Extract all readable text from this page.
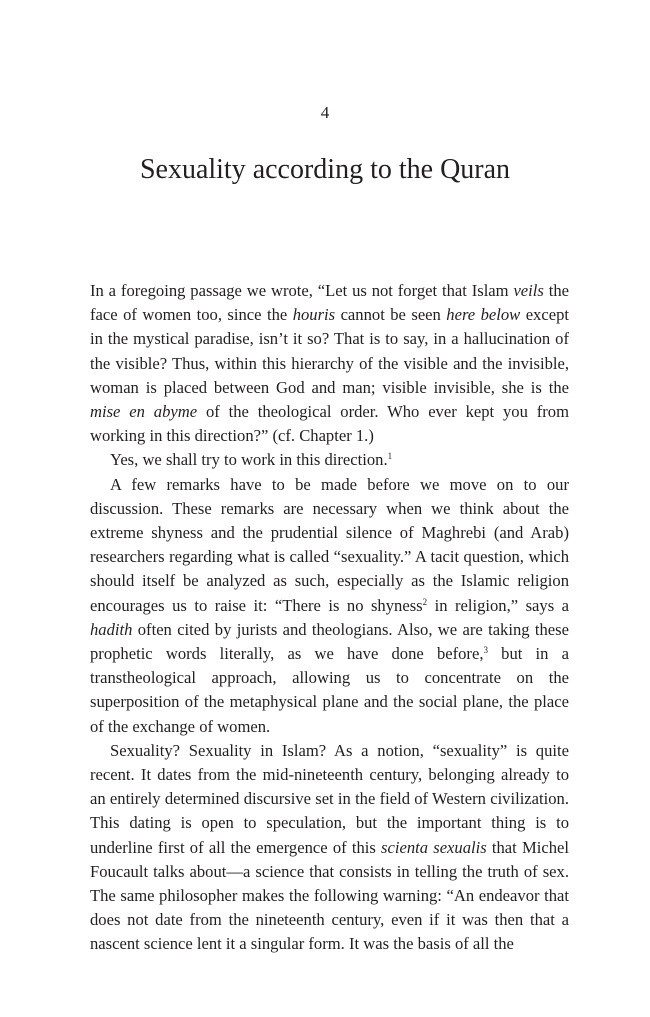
4
Sexuality according to the Quran

In a foregoing passage we wrote, “Let us not forget that Islam veils the face of women too, since the houris cannot be seen here below except in the mystical paradise, isn’t it so? That is to say, in a hallucination of the visible? Thus, within this hierarchy of the visible and the invisible, woman is placed between God and man; visible invisible, she is the mise en abyme of the theological order. Who ever kept you from working in this direction?” (cf. Chapter 1.)

Yes, we shall try to work in this direction.$^1$

A few remarks have to be made before we move on to our discussion. These remarks are necessary when we think about the extreme shyness and the prudential silence of Maghrebi (and Arab) researchers regarding what is called “sexuality.” A tacit question, which should itself be analyzed as such, especially as the Islamic religion encourages us to raise it: “There is no shyness$^2$ in religion,” says a hadith often cited by jurists and theologians. Also, we are taking these prophetic words literally, as we have done before,$^3$ but in a transtheological approach, allowing us to concentrate on the superposition of the metaphysical plane and the social plane, the place of the exchange of women.

Sexuality? Sexuality in Islam? As a notion, “sexuality” is quite recent. It dates from the mid-nineteenth century, belonging already to an entirely determined discursive set in the field of Western civilization. This dating is open to speculation, but the important thing is to underline first of all the emergence of this scienta sexualis that Michel Foucault talks about—a science that consists in telling the truth of sex. The same philosopher makes the following warning: “An endeavor that does not date from the nineteenth century, even if it was then that a nascent science lent it a singular form. It was the basis of all the
